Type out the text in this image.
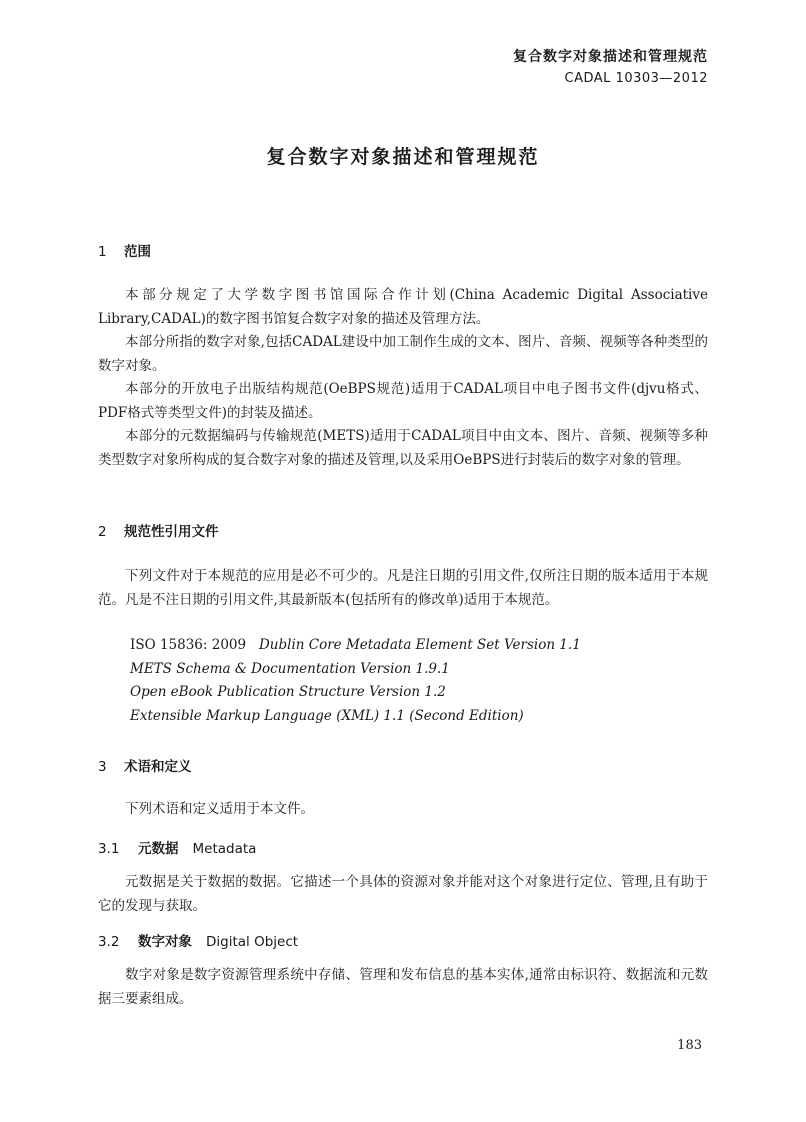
复合数字对象描述和管理规范
CADAL 10303—2012
复合数字对象描述和管理规范
1 范围

本部分规定了大学数字图书馆国际合作计划(China Academic Digital Associative Library,CADAL)的数字图书馆复合数字对象的描述及管理方法。

本部分所指的数字对象,包括CADAL建设中加工制作生成的文本、图片、音频、视频等各种类型的数字对象。

本部分的开放电子出版结构规范(OeBPS规范)适用于CADAL项目中电子图书文件(djvu格式、PDF格式等类型文件)的封装及描述。

本部分的元数据编码与传输规范(METS)适用于CADAL项目中由文本、图片、音频、视频等多种类型数字对象所构成的复合数字对象的描述及管理,以及采用OeBPS进行封装后的数字对象的管理。

2 规范性引用文件

下列文件对于本规范的应用是必不可少的。凡是注日期的引用文件,仅所注日期的版本适用于本规范。凡是不注日期的引用文件,其最新版本(包括所有的修改单)适用于本规范。

ISO 15836: 2009 Dublin Core Metadata Element Set Version 1.1
METS Schema & Documentation Version 1.9.1
Open eBook Publication Structure Version 1.2
Extensible Markup Language (XML) 1.1 (Second Edition)
3 术语和定义

下列术语和定义适用于本文件。

3.1 元数据 Metadata

元数据是关于数据的数据。它描述一个具体的资源对象并能对这个对象进行定位、管理,且有助于它的发现与获取。

3.2 数字对象 Digital Object

数字对象是数字资源管理系统中存储、管理和发布信息的基本实体,通常由标识符、数据流和元数据三要素组成。

183
